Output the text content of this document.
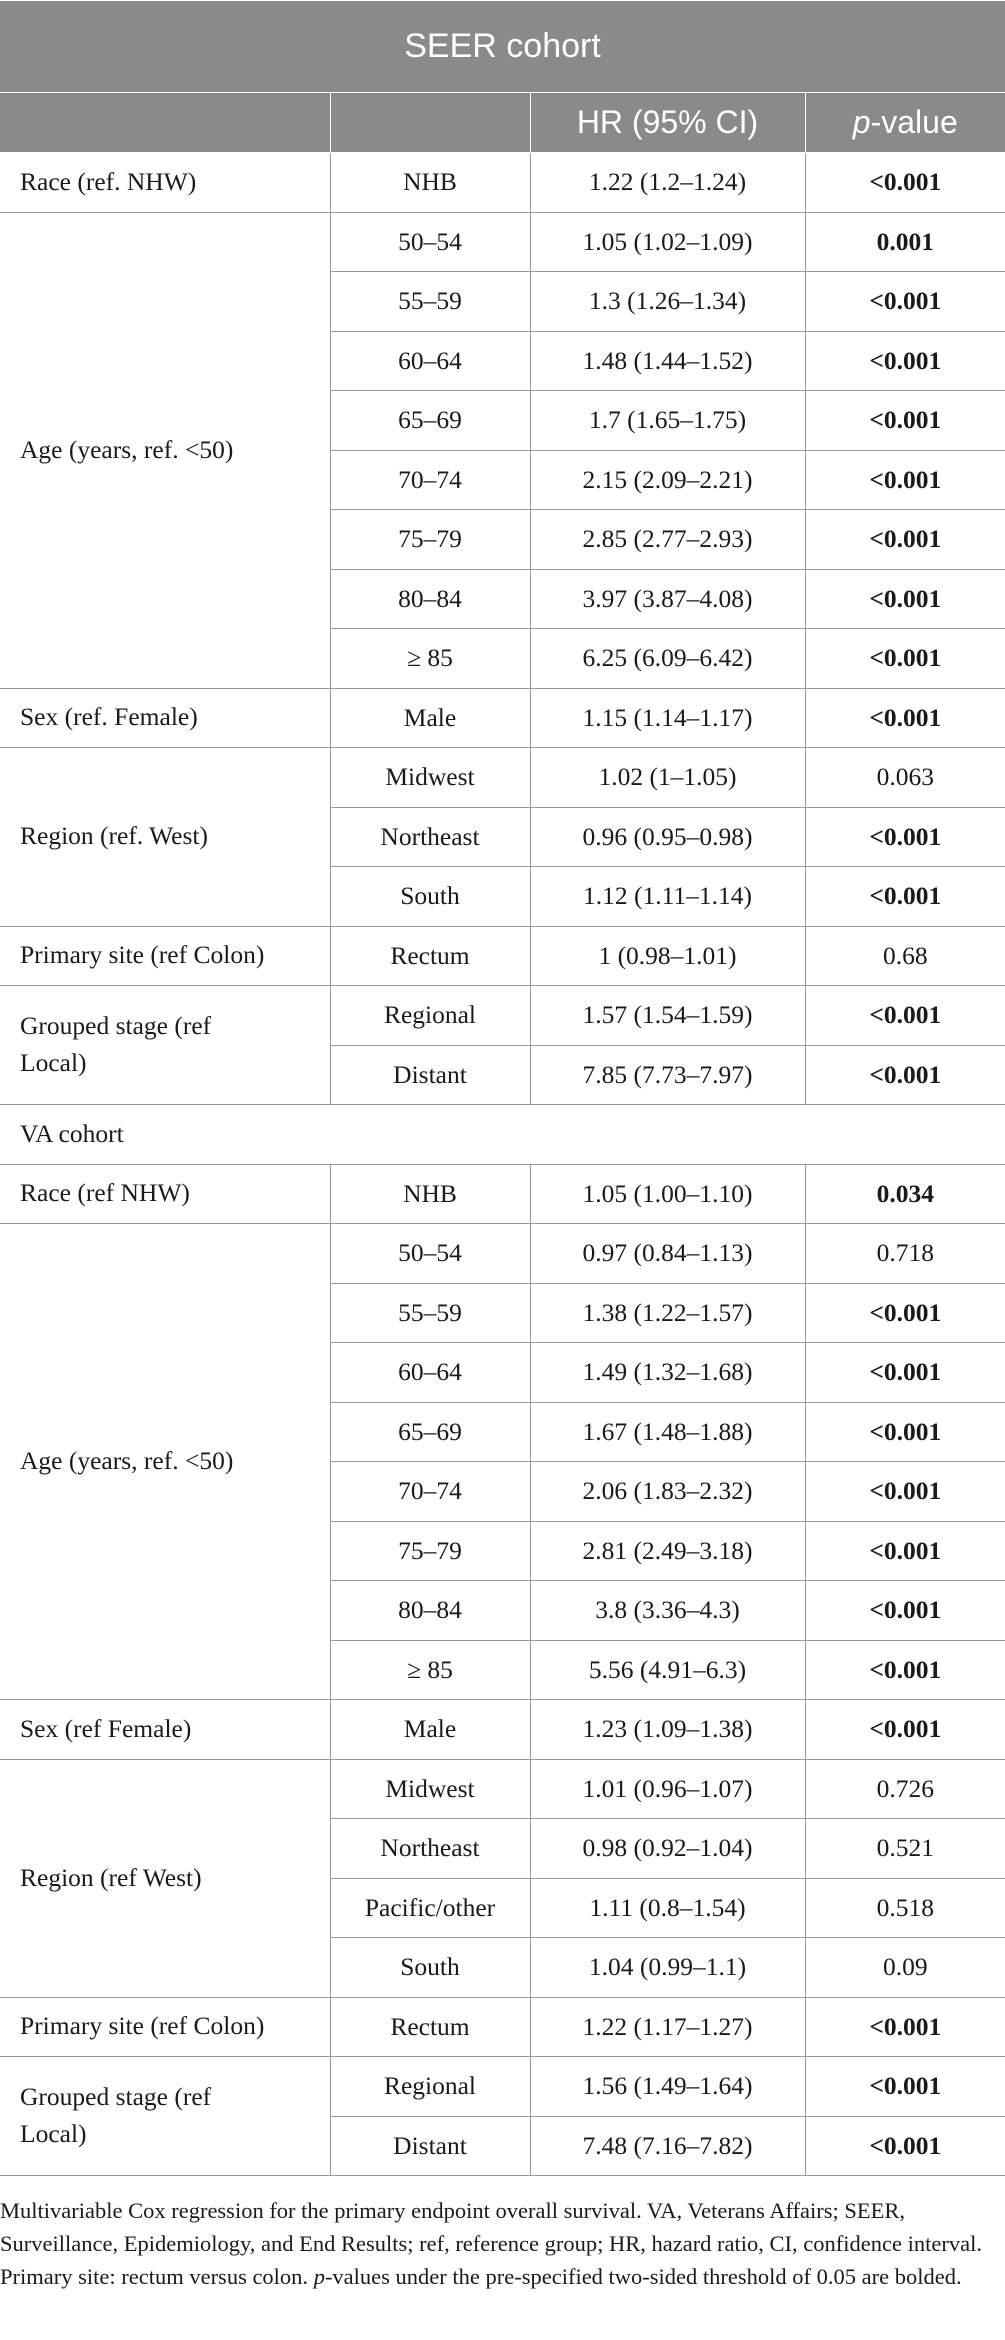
SEER cohort			
		HR (95% CI)	p-value
Race (ref. NHW)	NHB	1.22 (1.2–1.24)	<0.001
Age (years, ref. <50)	50–54	1.05 (1.02–1.09)	0.001
	55–59	1.3 (1.26–1.34)	<0.001
	60–64	1.48 (1.44–1.52)	<0.001
	65–69	1.7 (1.65–1.75)	<0.001
	70–74	2.15 (2.09–2.21)	<0.001
	75–79	2.85 (2.77–2.93)	<0.001
	80–84	3.97 (3.87–4.08)	<0.001
	≥ 85	6.25 (6.09–6.42)	<0.001
Sex (ref. Female)	Male	1.15 (1.14–1.17)	<0.001
Region (ref. West)	Midwest	1.02 (1–1.05)	0.063
	Northeast	0.96 (0.95–0.98)	<0.001
	South	1.12 (1.11–1.14)	<0.001
Primary site (ref Colon)	Rectum	1 (0.98–1.01)	0.68
Grouped stage (ref
Local)	Regional	1.57 (1.54–1.59)	<0.001
	Distant	7.85 (7.73–7.97)	<0.001
VA cohort			
Race (ref NHW)	NHB	1.05 (1.00–1.10)	0.034
Age (years, ref. <50)	50–54	0.97 (0.84–1.13)	0.718
	55–59	1.38 (1.22–1.57)	<0.001
	60–64	1.49 (1.32–1.68)	<0.001
	65–69	1.67 (1.48–1.88)	<0.001
	70–74	2.06 (1.83–2.32)	<0.001
	75–79	2.81 (2.49–3.18)	<0.001
	80–84	3.8 (3.36–4.3)	<0.001
	≥ 85	5.56 (4.91–6.3)	<0.001
Sex (ref Female)	Male	1.23 (1.09–1.38)	<0.001
Region (ref West)	Midwest	1.01 (0.96–1.07)	0.726
	Northeast	0.98 (0.92–1.04)	0.521
	Pacific/other	1.11 (0.8–1.54)	0.518
	South	1.04 (0.99–1.1)	0.09
Primary site (ref Colon)	Rectum	1.22 (1.17–1.27)	<0.001
Grouped stage (ref
Local)	Regional	1.56 (1.49–1.64)	<0.001
	Distant	7.48 (7.16–7.82)	<0.001
Multivariable Cox regression for the primary endpoint overall survival. VA, Veterans Affairs; SEER, Surveillance, Epidemiology, and End Results; ref, reference group; HR, hazard ratio, CI, confidence interval. Primary site: rectum versus colon. p-values under the pre-specified two-sided threshold of 0.05 are bolded.
